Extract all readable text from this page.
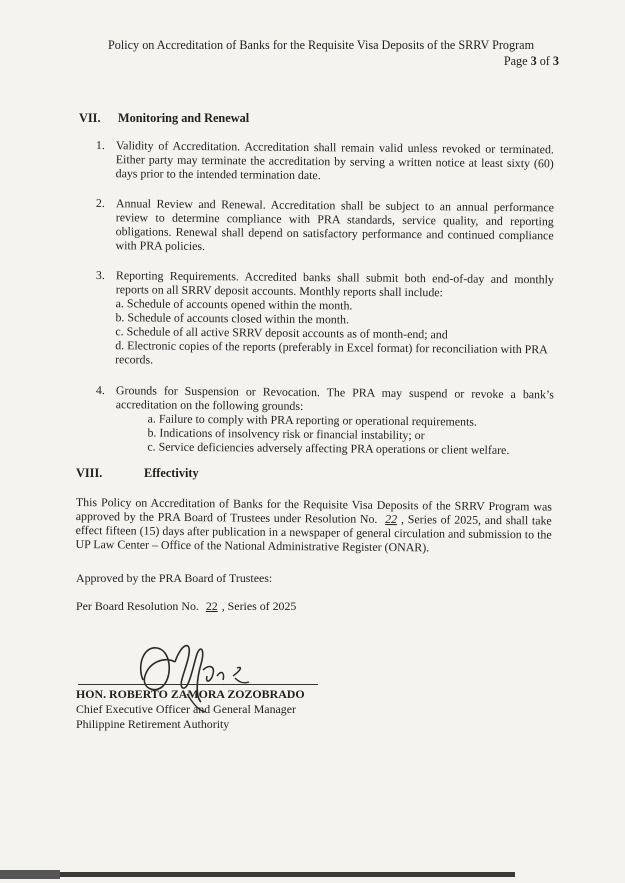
Policy on Accreditation of Banks for the Requisite Visa Deposits of the SRRV Program
Page 3 of 3
VII. Monitoring and Renewal
1. Validity of Accreditation. Accreditation shall remain valid unless revoked or terminated. Either party may terminate the accreditation by serving a written notice at least sixty (60) days prior to the intended termination date.
2. Annual Review and Renewal. Accreditation shall be subject to an annual performance review to determine compliance with PRA standards, service quality, and reporting obligations. Renewal shall depend on satisfactory performance and continued compliance with PRA policies.
3. Reporting Requirements. Accredited banks shall submit both end-of-day and monthly reports on all SRRV deposit accounts. Monthly reports shall include:
a. Schedule of accounts opened within the month.
b. Schedule of accounts closed within the month.
c. Schedule of all active SRRV deposit accounts as of month-end; and
d. Electronic copies of the reports (preferably in Excel format) for reconciliation with PRA records.
4. Grounds for Suspension or Revocation. The PRA may suspend or revoke a bank’s accreditation on the following grounds:
a. Failure to comply with PRA reporting or operational requirements.
b. Indications of insolvency risk or financial instability; or
c. Service deficiencies adversely affecting PRA operations or client welfare.
VIII.	Effectivity
This Policy on Accreditation of Banks for the Requisite Visa Deposits of the SRRV Program was approved by the PRA Board of Trustees under Resolution No. 22 , Series of 2025, and shall take effect fifteen (15) days after publication in a newspaper of general circulation and submission to the UP Law Center – Office of the National Administrative Register (ONAR).
Approved by the PRA Board of Trustees:
Per Board Resolution No. 22 , Series of 2025
HON. ROBERTO ZAMORA ZOZOBRADO
Chief Executive Officer and General Manager
Philippine Retirement Authority
